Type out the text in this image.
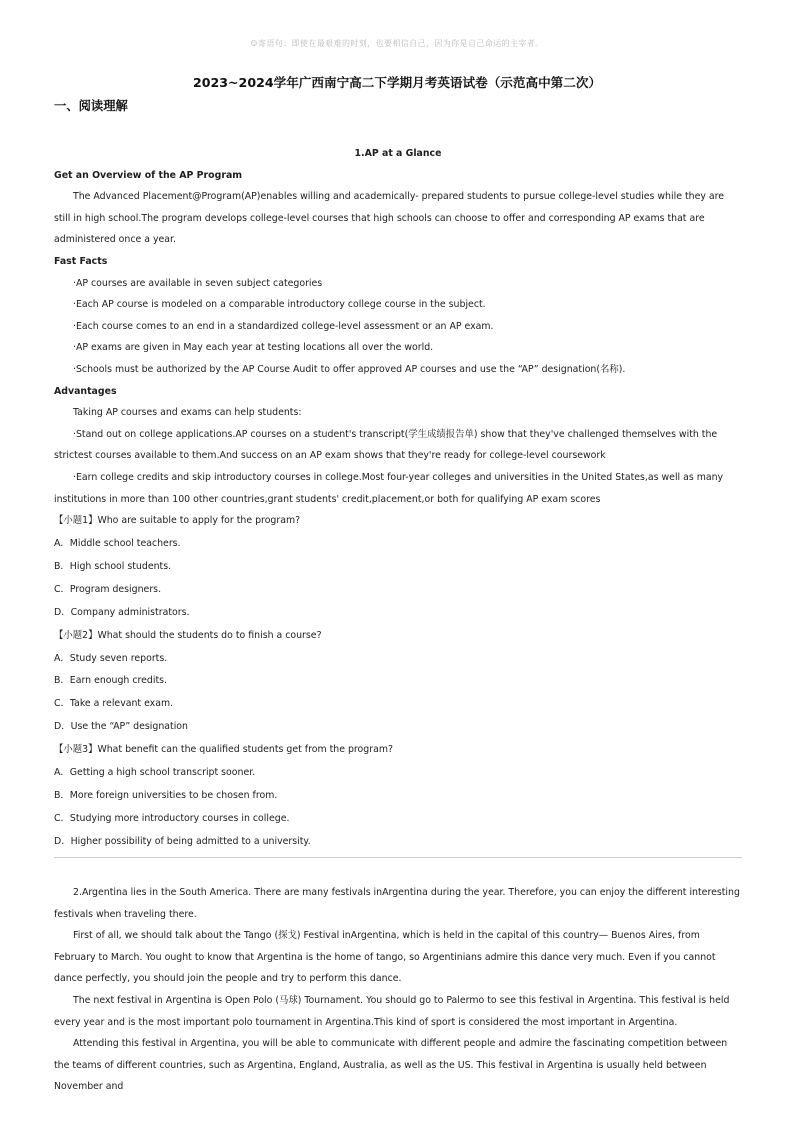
☺寄语句：即使在最艰难的时刻，也要相信自己，因为你是自己命运的主宰者。
2023~2024学年广西南宁高二下学期月考英语试卷（示范高中第二次）
一、阅读理解

1.AP at a Glance

Get an Overview of the AP Program

The Advanced Placement@Program(AP)enables willing and academically- prepared students to pursue college-level studies while they are still in high school.The program develops college-level courses that high schools can choose to offer and corresponding AP exams that are administered once a year.

Fast Facts

·AP courses are available in seven subject categories

·Each AP course is modeled on a comparable introductory college course in the subject.

·Each course comes to an end in a standardized college-level assessment or an AP exam.

·AP exams are given in May each year at testing locations all over the world.

·Schools must be authorized by the AP Course Audit to offer approved AP courses and use the “AP” designation(名称).

Advantages

Taking AP courses and exams can help students:

·Stand out on college applications.AP courses on a student's transcript(学生成绩报告单) show that they've challenged themselves with the strictest courses available to them.And success on an AP exam shows that they're ready for college-level coursework

·Earn college credits and skip introductory courses in college.Most four-year colleges and universities in the United States,as well as many institutions in more than 100 other countries,grant students' credit,placement,or both for qualifying AP exam scores

【小题1】Who are suitable to apply for the program?

A．Middle school teachers.

B．High school students.

C．Program designers.

D．Company administrators.

【小题2】What should the students do to finish a course?

A．Study seven reports.

B．Earn enough credits.

C．Take a relevant exam.

D．Use the “AP” designation

【小题3】What benefit can the qualified students get from the program?

A．Getting a high school transcript sooner.

B．More foreign universities to be chosen from.

C．Studying more introductory courses in college.

D．Higher possibility of being admitted to a university.

2.Argentina lies in the South America. There are many festivals inArgentina during the year. Therefore, you can enjoy the different interesting festivals when traveling there.

First of all, we should talk about the Tango (探戈) Festival inArgentina, which is held in the capital of this country— Buenos Aires, from February to March. You ought to know that Argentina is the home of tango, so Argentinians admire this dance very much. Even if you cannot dance perfectly, you should join the people and try to perform this dance.

The next festival in Argentina is Open Polo (马球) Tournament. You should go to Palermo to see this festival in Argentina. This festival is held every year and is the most important polo tournament in Argentina.This kind of sport is considered the most important in Argentina.

Attending this festival in Argentina, you will be able to communicate with different people and admire the fascinating competition between the teams of different countries, such as Argentina, England, Australia, as well as the US. This festival in Argentina is usually held between November and
